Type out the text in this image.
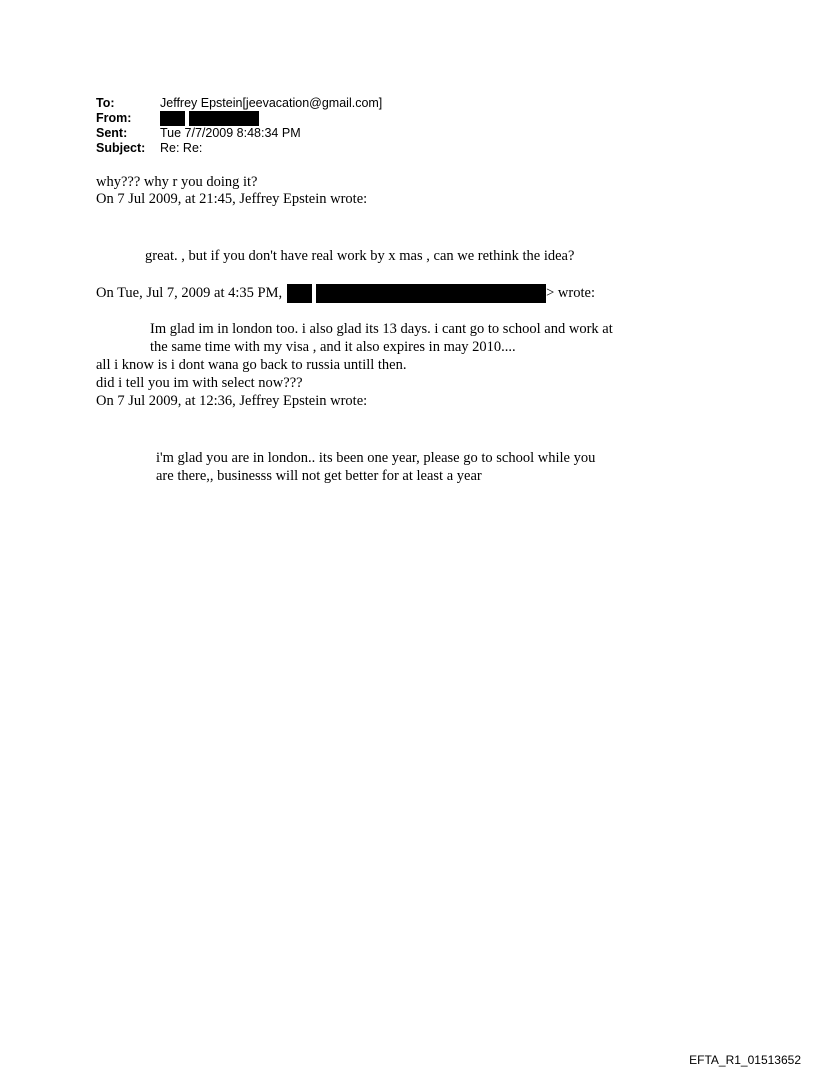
To:	Jeffrey Epstein[jeevacation@gmail.com]
From:
Sent:	Tue 7/7/2009 8:48:34 PM
Subject:	Re: Re:
why??? why r you doing it?
On 7 Jul 2009, at 21:45, Jeffrey Epstein wrote:
great. , but if you don't have real work by x mas , can we rethink the idea?
On Tue, Jul 7, 2009 at 4:35 PM,	> wrote:
Im glad im in london too. i also glad its 13 days. i cant go to school and work at
the same time with my visa , and it also expires in may 2010....
all i know is i dont wana go back to russia untill then.
did i tell you im with select now???
On 7 Jul 2009, at 12:36, Jeffrey Epstein wrote:
i'm glad you are in london.. its been one year, please go to school while you
are there,, businesss will not get better for at least a year
EFTA_R1_01513652
